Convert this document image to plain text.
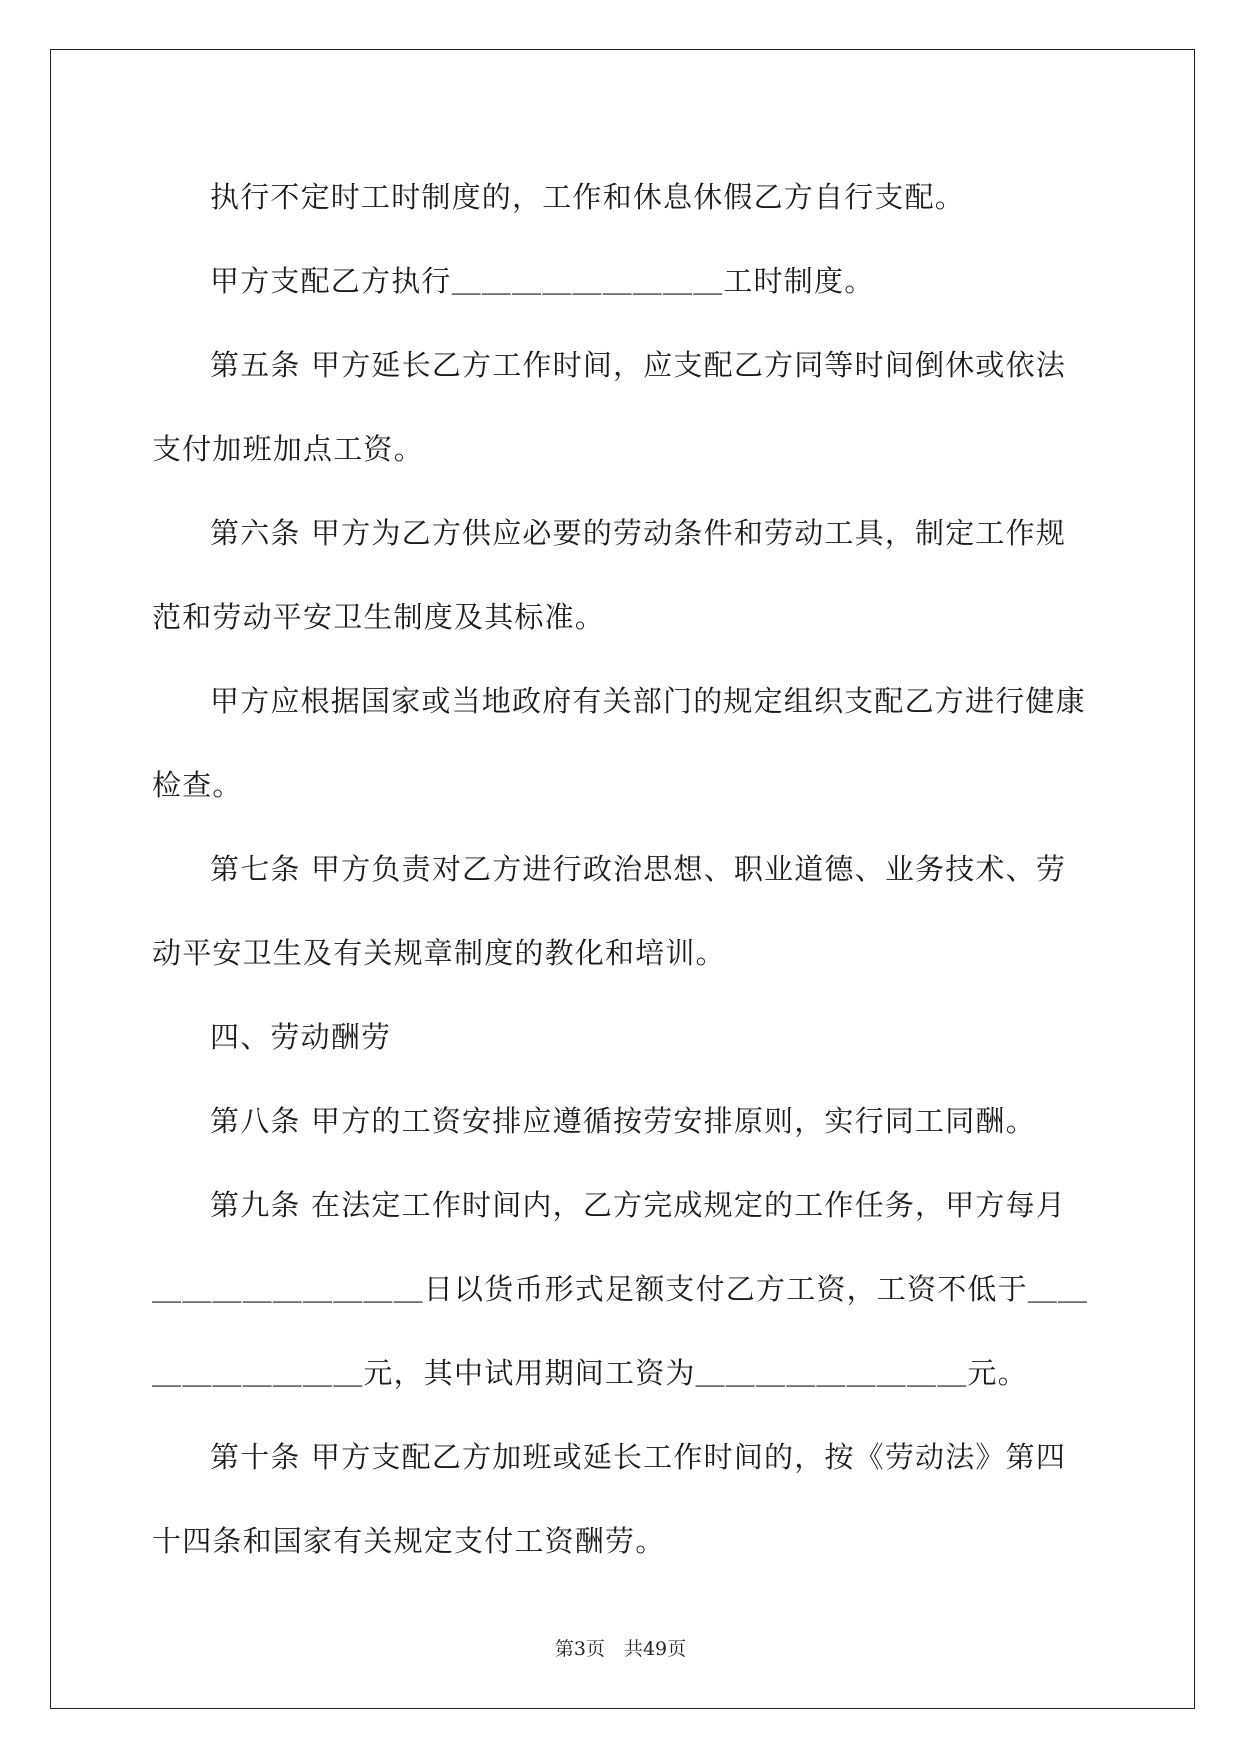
执行不定时工时制度的，工作和休息休假乙方自行支配。

甲方支配乙方执行＿＿＿＿＿＿＿＿＿工时制度。

第五条 甲方延长乙方工作时间，应支配乙方同等时间倒休或依法支付加班加点工资。

第六条 甲方为乙方供应必要的劳动条件和劳动工具，制定工作规范和劳动平安卫生制度及其标准。

甲方应根据国家或当地政府有关部门的规定组织支配乙方进行健康检查。

第七条 甲方负责对乙方进行政治思想、职业道德、业务技术、劳动平安卫生及有关规章制度的教化和培训。

四、劳动酬劳

第八条 甲方的工资安排应遵循按劳安排原则，实行同工同酬。

第九条 在法定工作时间内，乙方完成规定的工作任务，甲方每月＿＿＿＿＿＿＿＿＿日以货币形式足额支付乙方工资，工资不低于＿＿＿＿＿＿＿＿＿元，其中试用期间工资为＿＿＿＿＿＿＿＿＿元。

第十条 甲方支配乙方加班或延长工作时间的，按《劳动法》第四十四条和国家有关规定支付工资酬劳。

第3页　共49页
